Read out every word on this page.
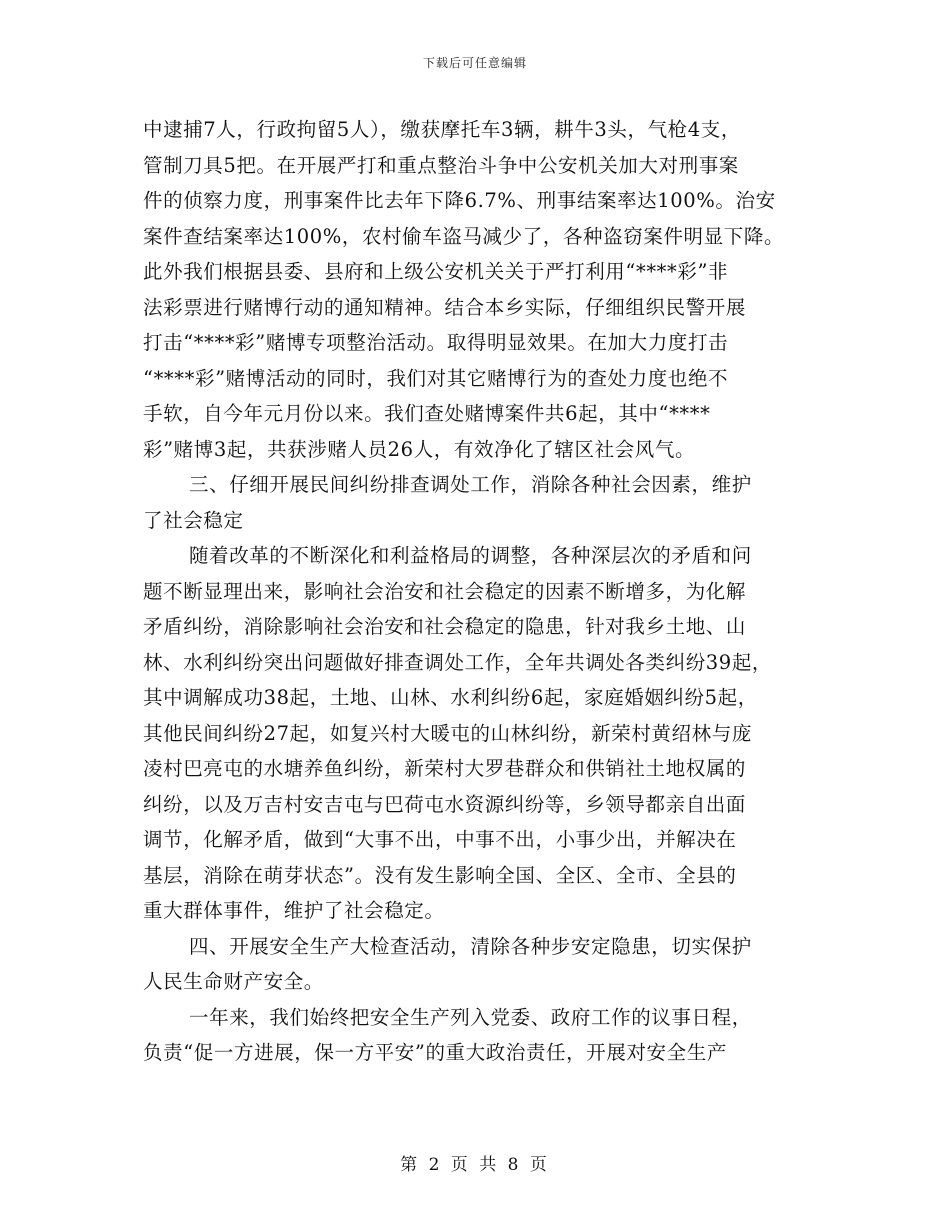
下载后可任意编辑
中逮捕7人，行政拘留5人），缴获摩托车3辆，耕牛3头，气枪4支，
管制刀具5把。在开展严打和重点整治斗争中公安机关加大对刑事案
件的侦察力度，刑事案件比去年下降6.7%、刑事结案率达100%。治安
案件查结案率达100%，农村偷车盗马减少了，各种盗窃案件明显下降。
此外我们根据县委、县府和上级公安机关关于严打利用“****彩”非
法彩票进行赌博行动的通知精神。结合本乡实际，仔细组织民警开展
打击“****彩”赌博专项整治活动。取得明显效果。在加大力度打击
“****彩”赌博活动的同时，我们对其它赌博行为的查处力度也绝不
手软，自今年元月份以来。我们查处赌博案件共6起，其中“****
彩”赌博3起，共获涉赌人员26人，有效净化了辖区社会风气。
三、仔细开展民间纠纷排查调处工作，消除各种社会因素，维护
了社会稳定
随着改革的不断深化和利益格局的调整，各种深层次的矛盾和问
题不断显理出来，影响社会治安和社会稳定的因素不断增多，为化解
矛盾纠纷，消除影响社会治安和社会稳定的隐患，针对我乡土地、山
林、水利纠纷突出问题做好排查调处工作，全年共调处各类纠纷39起，
其中调解成功38起，土地、山林、水利纠纷6起，家庭婚姻纠纷5起，
其他民间纠纷27起，如复兴村大暖屯的山林纠纷，新荣村黄绍林与庞
凌村巴亮屯的水塘养鱼纠纷，新荣村大罗巷群众和供销社土地权属的
纠纷，以及万吉村安吉屯与巴荷屯水资源纠纷等，乡领导都亲自出面
调节，化解矛盾，做到“大事不出，中事不出，小事少出，并解决在
基层，消除在萌芽状态”。没有发生影响全国、全区、全市、全县的
重大群体事件，维护了社会稳定。
四、开展安全生产大检查活动，清除各种步安定隐患，切实保护
人民生命财产安全。
一年来，我们始终把安全生产列入党委、政府工作的议事日程，
负责“促一方进展，保一方平安”的重大政治责任，开展对安全生产
第 2 页 共 8 页
